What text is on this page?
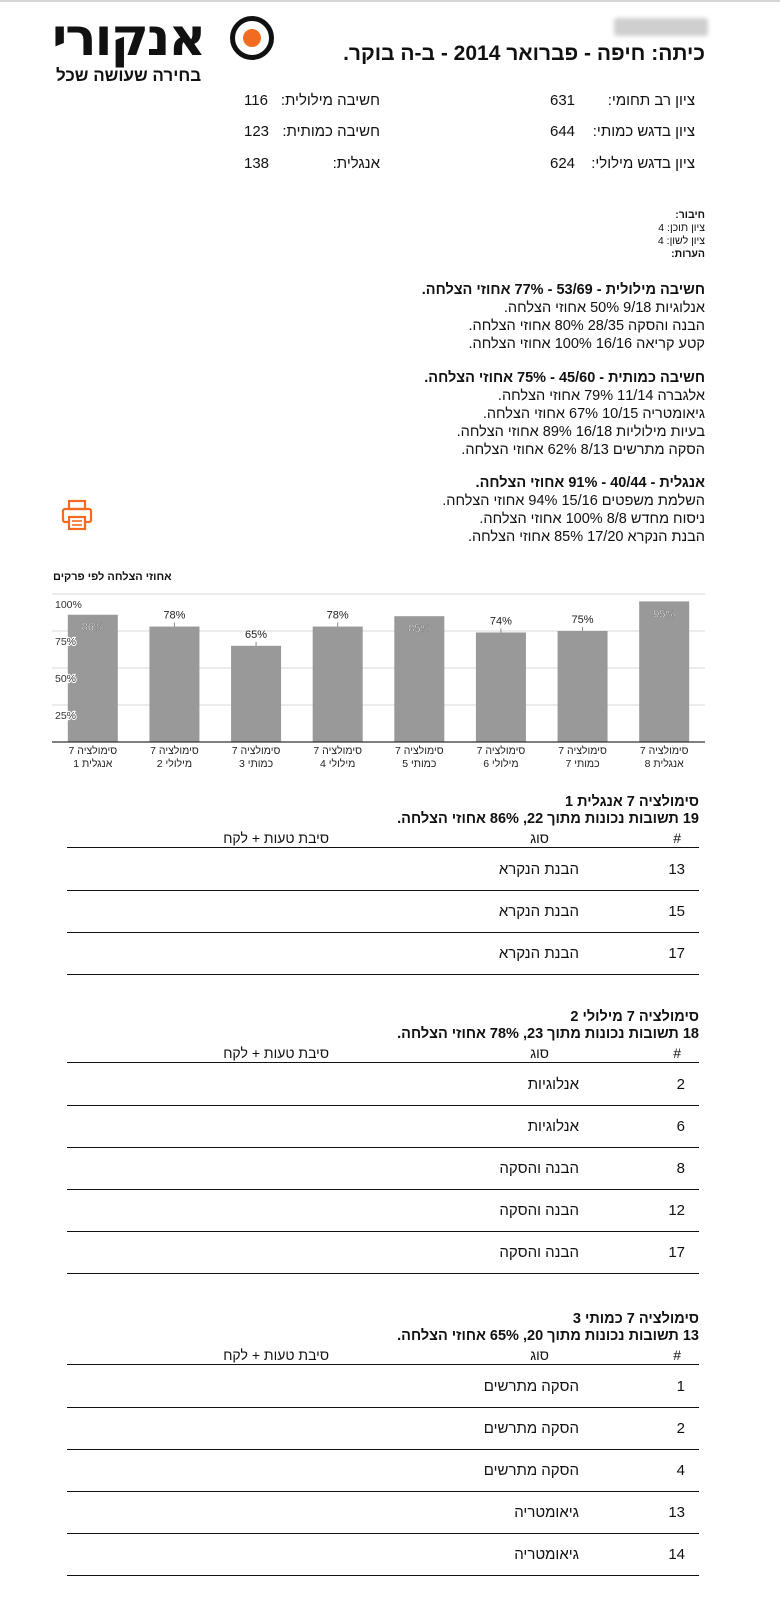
אנקורי
בחירה שעושה שכל
כיתה: חיפה - פברואר 2014 - ב-ה בוקר.
ציון רב תחומי:
631
ציון בדגש כמותי:
644
ציון בדגש מילולי:
624
חשיבה מילולית:
116
חשיבה כמותית:
123
אנגלית:
138
חיבור:
ציון תוכן: 4
ציון לשון: 4
הערות:
חשיבה מילולית - 53/69 - 77% אחוזי הצלחה.
אנלוגיות 9/18 50% אחוזי הצלחה.
הבנה והסקה 28/35 80% אחוזי הצלחה.
קטע קריאה 16/16 100% אחוזי הצלחה.
חשיבה כמותית - 45/60 - 75% אחוזי הצלחה.
אלגברה 11/14 79% אחוזי הצלחה.
גיאומטריה 10/15 67% אחוזי הצלחה.
בעיות מילוליות 16/18 89% אחוזי הצלחה.
הסקה מתרשים 8/13 62% אחוזי הצלחה.
אנגלית - 40/44 - 91% אחוזי הצלחה.
השלמת משפטים 15/16 94% אחוזי הצלחה.
ניסוח מחדש 8/8 100% אחוזי הצלחה.
הבנת הנקרא 17/20 85% אחוזי הצלחה.
אחוזי הצלחה לפי פרקים
86%
סימולציה 7
אנגלית 1
78%
סימולציה 7
מילולי 2
65%
סימולציה 7
כמותי 3
78%
סימולציה 7
מילולי 4
85%
סימולציה 7
כמותי 5
74%
סימולציה 7
מילולי 6
75%
סימולציה 7
כמותי 7
95%
סימולציה 7
אנגלית 8
25%
50%
75%
100%
סימולציה 7 אנגלית 1
19 תשובות נכונות מתוך 22, 86% אחוזי הצלחה.
#
סוג
סיבת טעות + לקח
13
הבנת הנקרא
15
הבנת הנקרא
17
הבנת הנקרא
סימולציה 7 מילולי 2
18 תשובות נכונות מתוך 23, 78% אחוזי הצלחה.
#
סוג
סיבת טעות + לקח
2
אנלוגיות
6
אנלוגיות
8
הבנה והסקה
12
הבנה והסקה
17
הבנה והסקה
סימולציה 7 כמותי 3
13 תשובות נכונות מתוך 20, 65% אחוזי הצלחה.
#
סוג
סיבת טעות + לקח
1
הסקה מתרשים
2
הסקה מתרשים
4
הסקה מתרשים
13
גיאומטריה
14
גיאומטריה
